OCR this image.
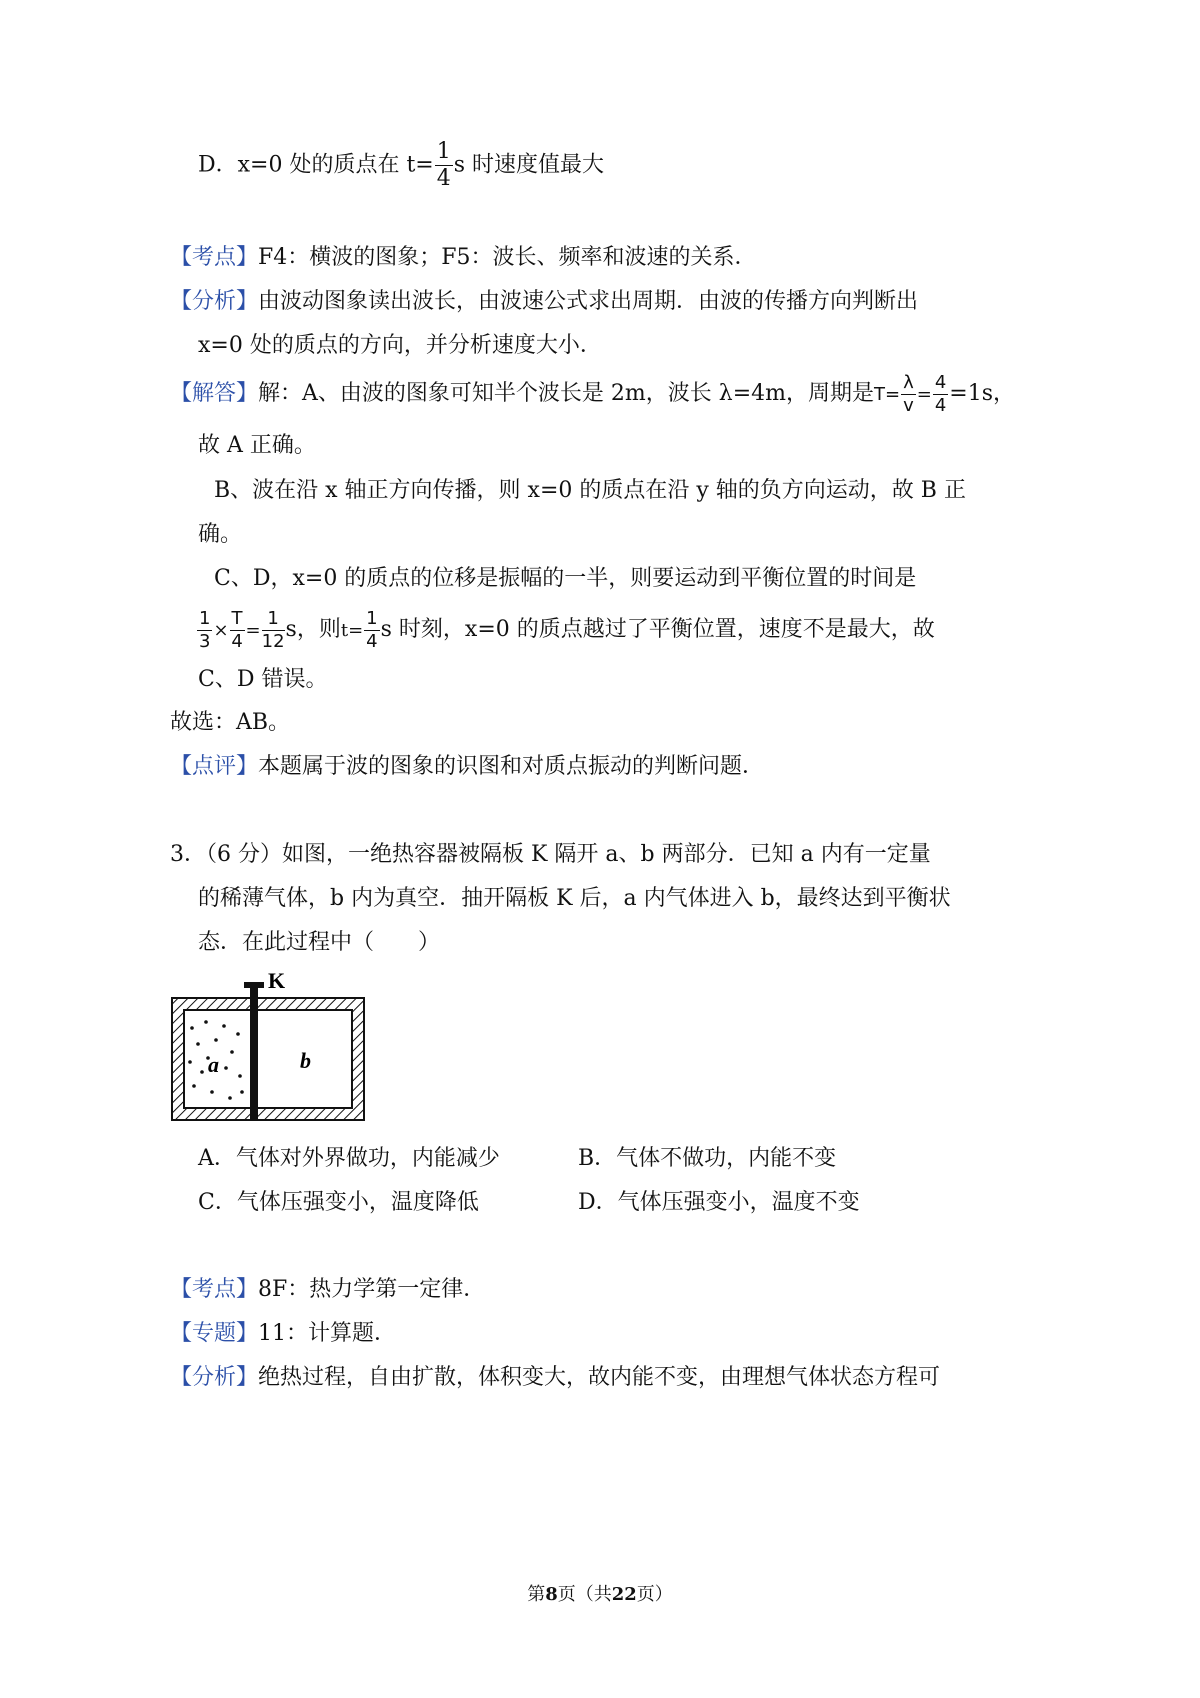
D．x=0 处的质点在 $t= \frac{1}{4}$ s 时速度值最大
【考点】F4：横波的图象；F5：波长、频率和波速的关系．
【分析】由波动图象读出波长，由波速公式求出周期．由波的传播方向判断出
x=0 处的质点的方向，并分析速度大小．
【解答】解：A、由波的图象可知半个波长是 2m，波长 λ=4m，周期是$T= \frac{\lambda}{v} = \frac{4}{4} =1s$，
故 A 正确。
B、波在沿 x 轴正方向传播，则 x=0 的质点在沿 y 轴的负方向运动，故 B 正
确。
C、D，x=0 的质点的位移是振幅的一半，则要运动到平衡位置的时间是
$\frac{1}{3} \times \frac{T}{4} = \frac{1}{12}$ s，则$t= \frac{1}{4}$ s 时刻，x=0 的质点越过了平衡位置，速度不是最大，故
C、D 错误。
故选：AB。
【点评】本题属于波的图象的识图和对质点振动的判断问题．
3．（6 分）如图，一绝热容器被隔板 K 隔开 a、b 两部分．已知 a 内有一定量
的稀薄气体，b 内为真空．抽开隔板 K 后，a 内气体进入 b，最终达到平衡状
态．在此过程中（　　）
K
a	b
A．气体对外界做功，内能减少	B．气体不做功，内能不变
C．气体压强变小，温度降低	D．气体压强变小，温度不变
【考点】8F：热力学第一定律．
【专题】11：计算题．
【分析】绝热过程，自由扩散，体积变大，故内能不变，由理想气体状态方程可
第8页（共22页）
